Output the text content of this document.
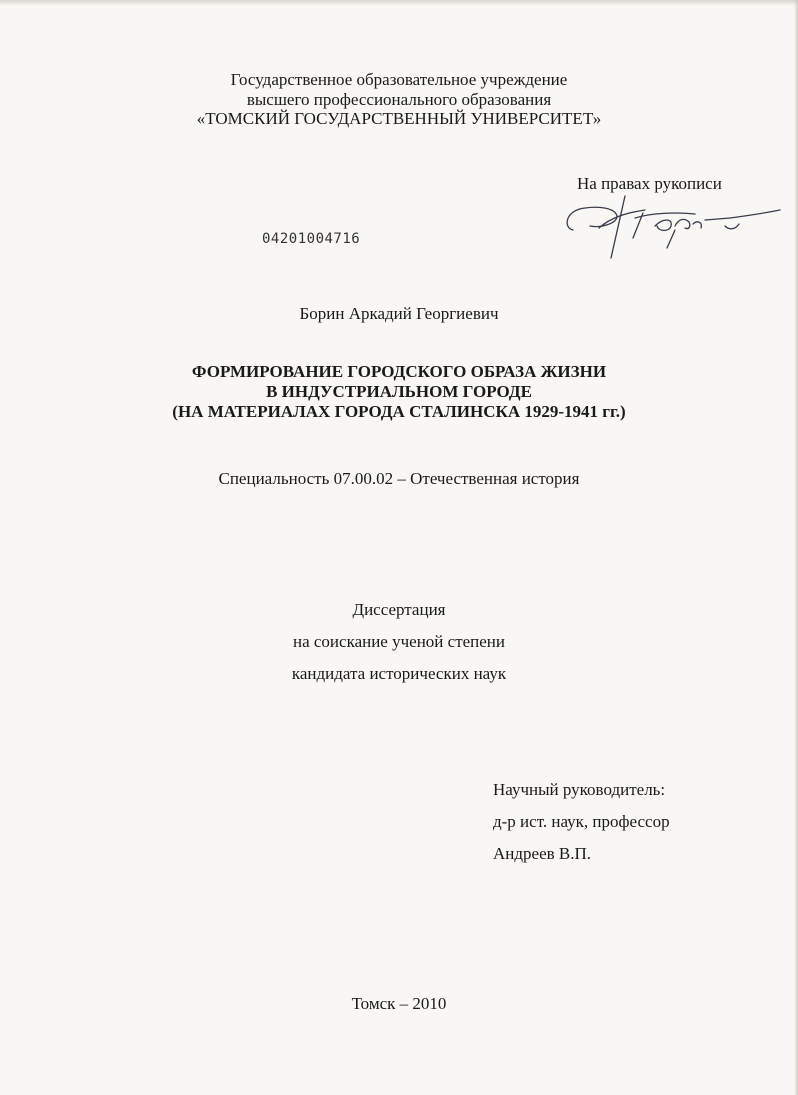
Государственное образовательное учреждение
высшего профессионального образования
«ТОМСКИЙ ГОСУДАРСТВЕННЫЙ УНИВЕРСИТЕТ»
На правах рукописи
04201004716
Борин Аркадий Георгиевич
ФОРМИРОВАНИЕ ГОРОДСКОГО ОБРАЗА ЖИЗНИ
В ИНДУСТРИАЛЬНОМ ГОРОДЕ
(НА МАТЕРИАЛАХ ГОРОДА СТАЛИНСКА 1929-1941 гг.)
Специальность 07.00.02 – Отечественная история
Диссертация
на соискание ученой степени
кандидата исторических наук
Научный руководитель:
д-р ист. наук, профессор
Андреев В.П.
Томск – 2010
